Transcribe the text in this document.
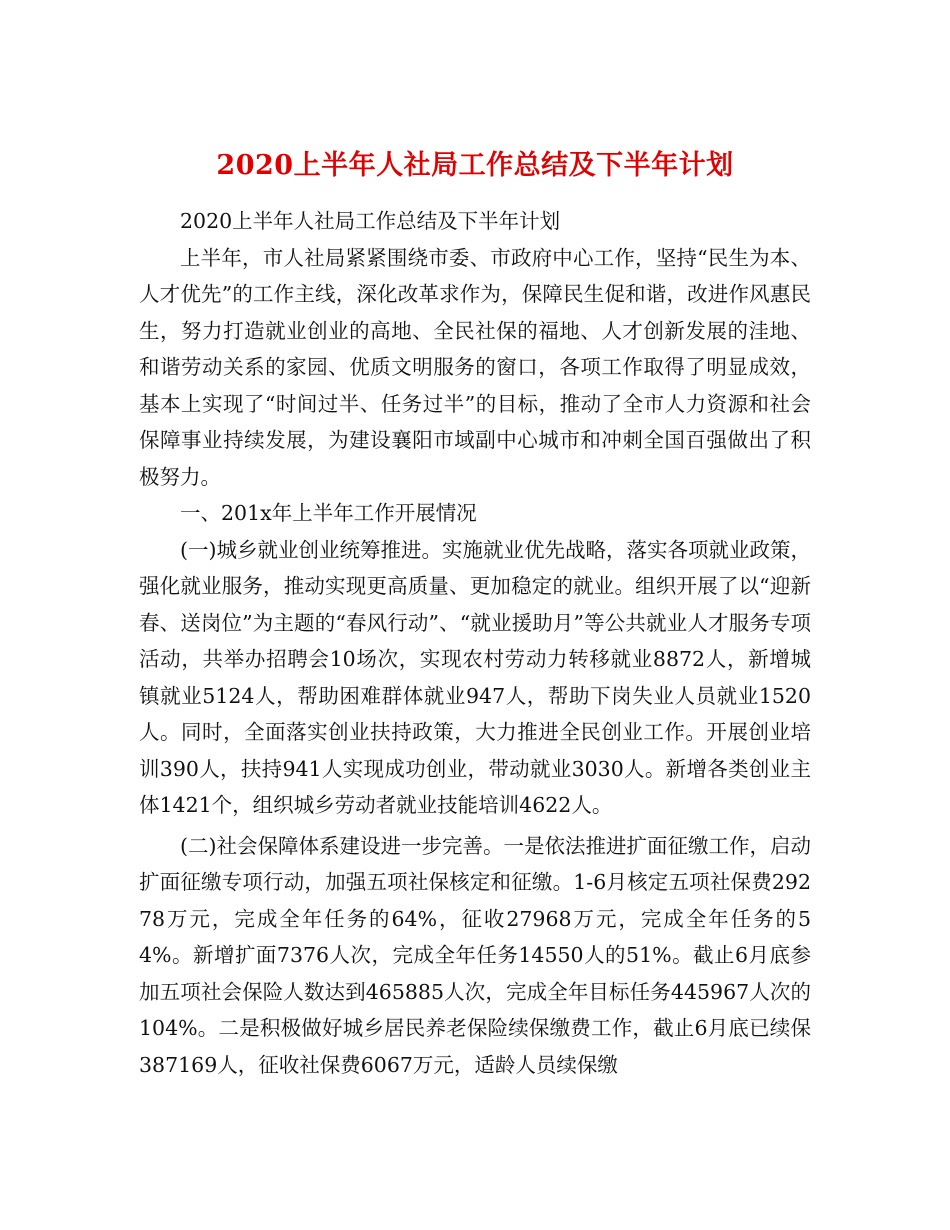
2020上半年人社局工作总结及下半年计划

2020上半年人社局工作总结及下半年计划

上半年，市人社局紧紧围绕市委、市政府中心工作，坚持“民生为本、人才优先”的工作主线，深化改革求作为，保障民生促和谐，改进作风惠民生，努力打造就业创业的高地、全民社保的福地、人才创新发展的洼地、和谐劳动关系的家园、优质文明服务的窗口，各项工作取得了明显成效，基本上实现了“时间过半、任务过半”的目标，推动了全市人力资源和社会保障事业持续发展，为建设襄阳市域副中心城市和冲刺全国百强做出了积极努力。

一、201x年上半年工作开展情况

(一)城乡就业创业统筹推进。实施就业优先战略，落实各项就业政策，强化就业服务，推动实现更高质量、更加稳定的就业。组织开展了以“迎新春、送岗位”为主题的“春风行动”、“就业援助月”等公共就业人才服务专项活动，共举办招聘会10场次，实现农村劳动力转移就业8872人，新增城镇就业5124人，帮助困难群体就业947人，帮助下岗失业人员就业1520人。同时，全面落实创业扶持政策，大力推进全民创业工作。开展创业培训390人，扶持941人实现成功创业，带动就业3030人。新增各类创业主体1421个，组织城乡劳动者就业技能培训4622人。

(二)社会保障体系建设进一步完善。一是依法推进扩面征缴工作，启动扩面征缴专项行动，加强五项社保核定和征缴。1-6月核定五项社保费29278万元，完成全年任务的64%，征收27968万元，完成全年任务的54%。新增扩面7376人次，完成全年任务14550人的51%。截止6月底参加五项社会保险人数达到465885人次，完成全年目标任务445967人次的104%。二是积极做好城乡居民养老保险续保缴费工作，截止6月底已续保387169人，征收社保费6067万元，适龄人员续保缴
